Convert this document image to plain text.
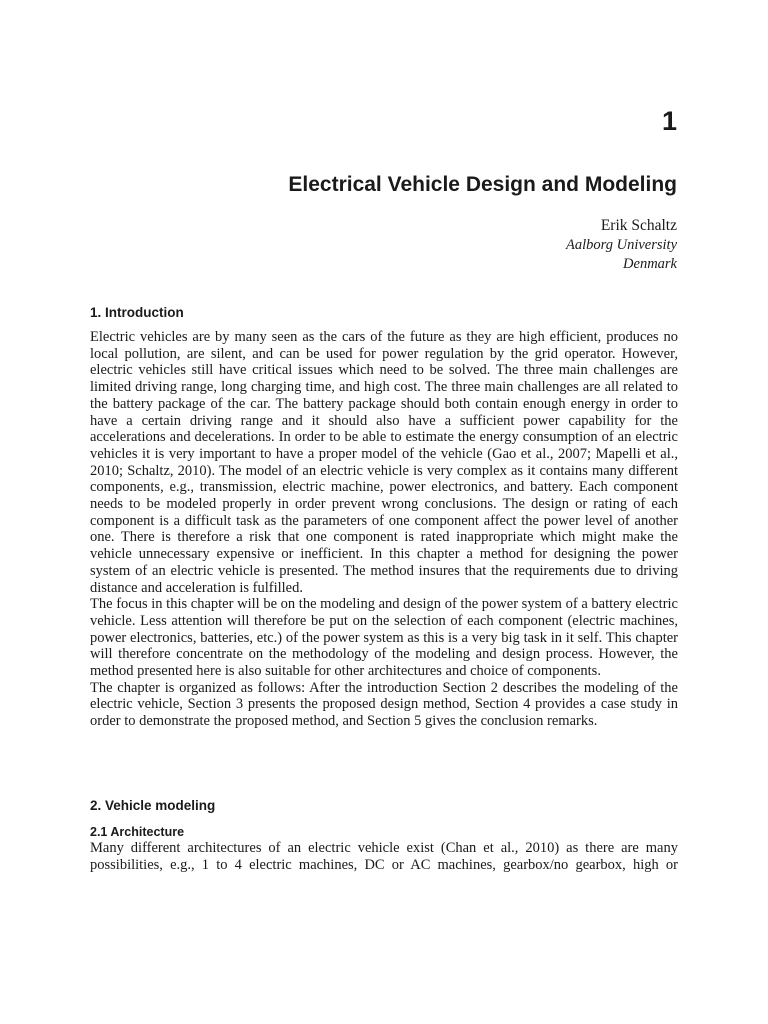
1
Electrical Vehicle Design and Modeling
Erik Schaltz
Aalborg University
Denmark
1. Introduction

Electric vehicles are by many seen as the cars of the future as they are high efficient, produces no local pollution, are silent, and can be used for power regulation by the grid operator. However, electric vehicles still have critical issues which need to be solved. The three main challenges are limited driving range, long charging time, and high cost. The three main challenges are all related to the battery package of the car. The battery package should both contain enough energy in order to have a certain driving range and it should also have a sufficient power capability for the accelerations and decelerations. In order to be able to estimate the energy consumption of an electric vehicles it is very important to have a proper model of the vehicle (Gao et al., 2007; Mapelli et al., 2010; Schaltz, 2010). The model of an electric vehicle is very complex as it contains many different components, e.g., transmission, electric machine, power electronics, and battery. Each component needs to be modeled properly in order prevent wrong conclusions. The design or rating of each component is a difficult task as the parameters of one component affect the power level of another one. There is therefore a risk that one component is rated inappropriate which might make the vehicle unnecessary expensive or inefficient. In this chapter a method for designing the power system of an electric vehicle is presented. The method insures that the requirements due to driving distance and acceleration is fulfilled.

The focus in this chapter will be on the modeling and design of the power system of a battery electric vehicle. Less attention will therefore be put on the selection of each component (electric machines, power electronics, batteries, etc.) of the power system as this is a very big task in it self. This chapter will therefore concentrate on the methodology of the modeling and design process. However, the method presented here is also suitable for other architectures and choice of components.

The chapter is organized as follows: After the introduction Section 2 describes the modeling of the electric vehicle, Section 3 presents the proposed design method, Section 4 provides a case study in order to demonstrate the proposed method, and Section 5 gives the conclusion remarks.

2. Vehicle modeling
2.1 Architecture

Many different architectures of an electric vehicle exist (Chan et al., 2010) as there are many possibilities, e.g., 1 to 4 electric machines, DC or AC machines, gearbox/no gearbox, high or
